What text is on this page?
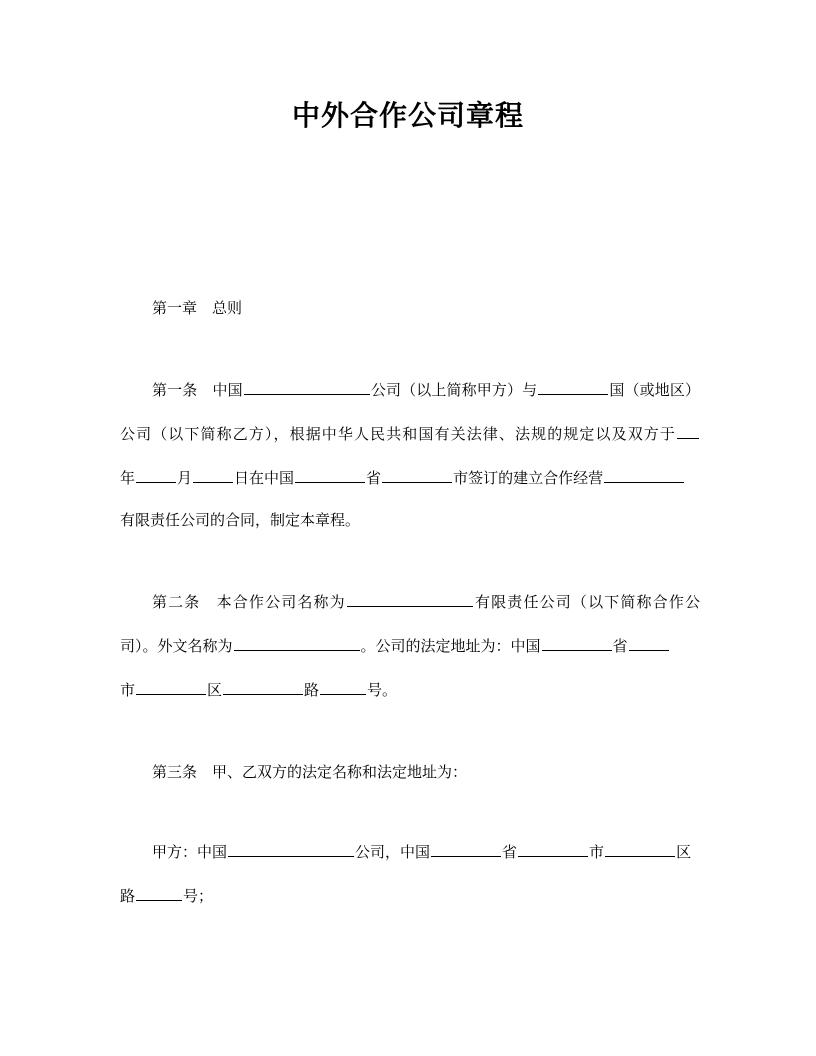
中外合作公司章程
第一章　总则
第一条　中国	公司（以上简称甲方）与	国（或地区）
公司（以下简称乙方），根据中华人民共和国有关法律、法规的规定以及双方于
年	月	日在中国	省	市签订的建立合作经营
有限责任公司的合同，制定本章程。
第二条　本合作公司名称为	有限责任公司（以下简称合作公
司）。外文名称为	。公司的法定地址为：中国	省
市	区	路	号。
第三条　甲、乙双方的法定名称和法定地址为：
甲方：中国	公司，中国	省	市	区
路	号；
